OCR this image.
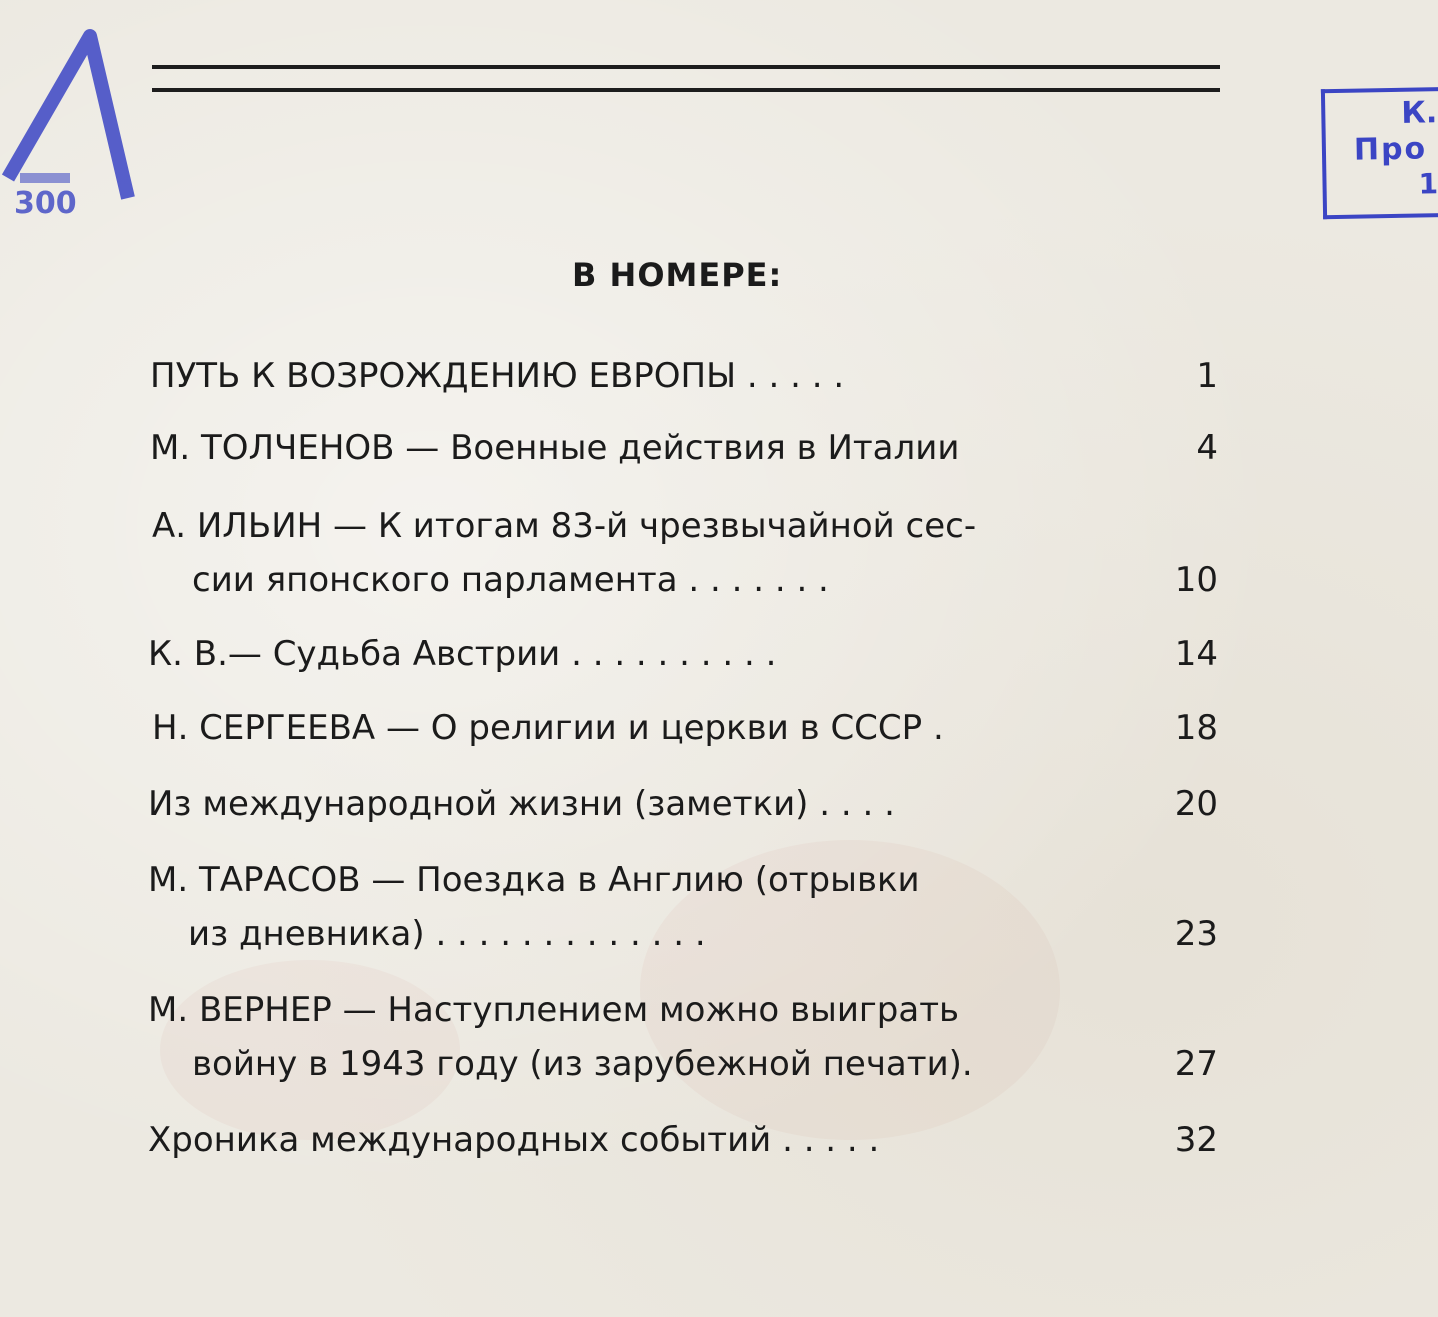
300
К.
Про
1
В НОМЕРЕ:
ПУТЬ К ВОЗРОЖДЕНИЮ ЕВРОПЫ . . . . .	1
М. ТОЛЧЕНОВ — Военные действия в Италии	4
А. ИЛЬИН — К итогам 83-й чрезвычайной сес-
сии японского парламента . . . . . . .	10
К. В.— Судьба Австрии . . . . . . . . . .	14
Н. СЕРГЕЕВА — О религии и церкви в СССР .	18
Из международной жизни (заметки) . . . .	20
М. ТАРАСОВ — Поездка в Англию (отрывки
из дневника) . . . . . . . . . . . . .	23
М. ВЕРНЕР — Наступлением можно выиграть
войну в 1943 году (из зарубежной печати).	27
Хроника международных событий . . . . .	32
